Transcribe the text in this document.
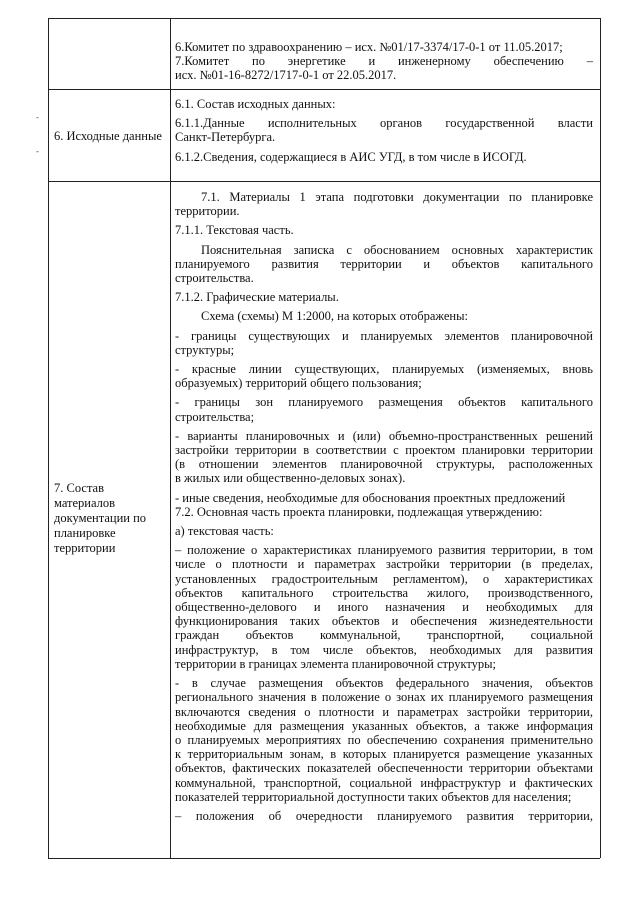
-
-

6.Комитет по здравоохранению – исх. №01/17-3374/17-0-1 от 11.05.2017;

7.Комитет по энергетике и инженерному обеспечению –

исх. №01-16-8272/1717-0-1 от 22.05.2017.

6. Исходные данные

6.1. Состав исходных данных:

6.1.1.Данные исполнительных органов государственной власти

Санкт-Петербурга.

6.1.2.Сведения, содержащиеся в АИС УГД, в том числе в ИСОГД.

7. Состав
материалов
документации по
планировке
территории

7.1. Материалы 1 этапа подготовки документации по планировке

территории.

7.1.1. Текстовая часть.

Пояснительная записка с обоснованием основных характеристик

планируемого развития территории и объектов капитального

строительства.

7.1.2. Графические материалы.

Схема (схемы) М 1:2000, на которых отображены:

- границы существующих и планируемых элементов планировочной

структуры;

- красные линии существующих, планируемых (изменяемых, вновь

образуемых) территорий общего пользования;

- границы зон планируемого размещения объектов капитального

строительства;

- варианты планировочных и (или) объемно-пространственных решений

застройки территории в соответствии с проектом планировки территории

(в отношении элементов планировочной структуры, расположенных

в жилых или общественно-деловых зонах).

- иные сведения, необходимые для обоснования проектных предложений

7.2. Основная часть проекта планировки, подлежащая утверждению:

а) текстовая часть:

– положение о характеристиках планируемого развития территории, в том

числе о плотности и параметрах застройки территории (в пределах,

установленных градостроительным регламентом), о характеристиках

объектов капитального строительства жилого, производственного,

общественно-делового и иного назначения и необходимых для

функционирования таких объектов и обеспечения жизнедеятельности

граждан объектов коммунальной, транспортной, социальной

инфраструктур, в том числе объектов, необходимых для развития

территории в границах элемента планировочной структуры;

- в случае размещения объектов федерального значения, объектов

регионального значения в положение о зонах их планируемого размещения

включаются сведения о плотности и параметрах застройки территории,

необходимые для размещения указанных объектов, а также информация

о планируемых мероприятиях по обеспечению сохранения применительно

к территориальным зонам, в которых планируется размещение указанных

объектов, фактических показателей обеспеченности территории объектами

коммунальной, транспортной, социальной инфраструктур и фактических

показателей территориальной доступности таких объектов для населения;

– положения об очередности планируемого развития территории,
